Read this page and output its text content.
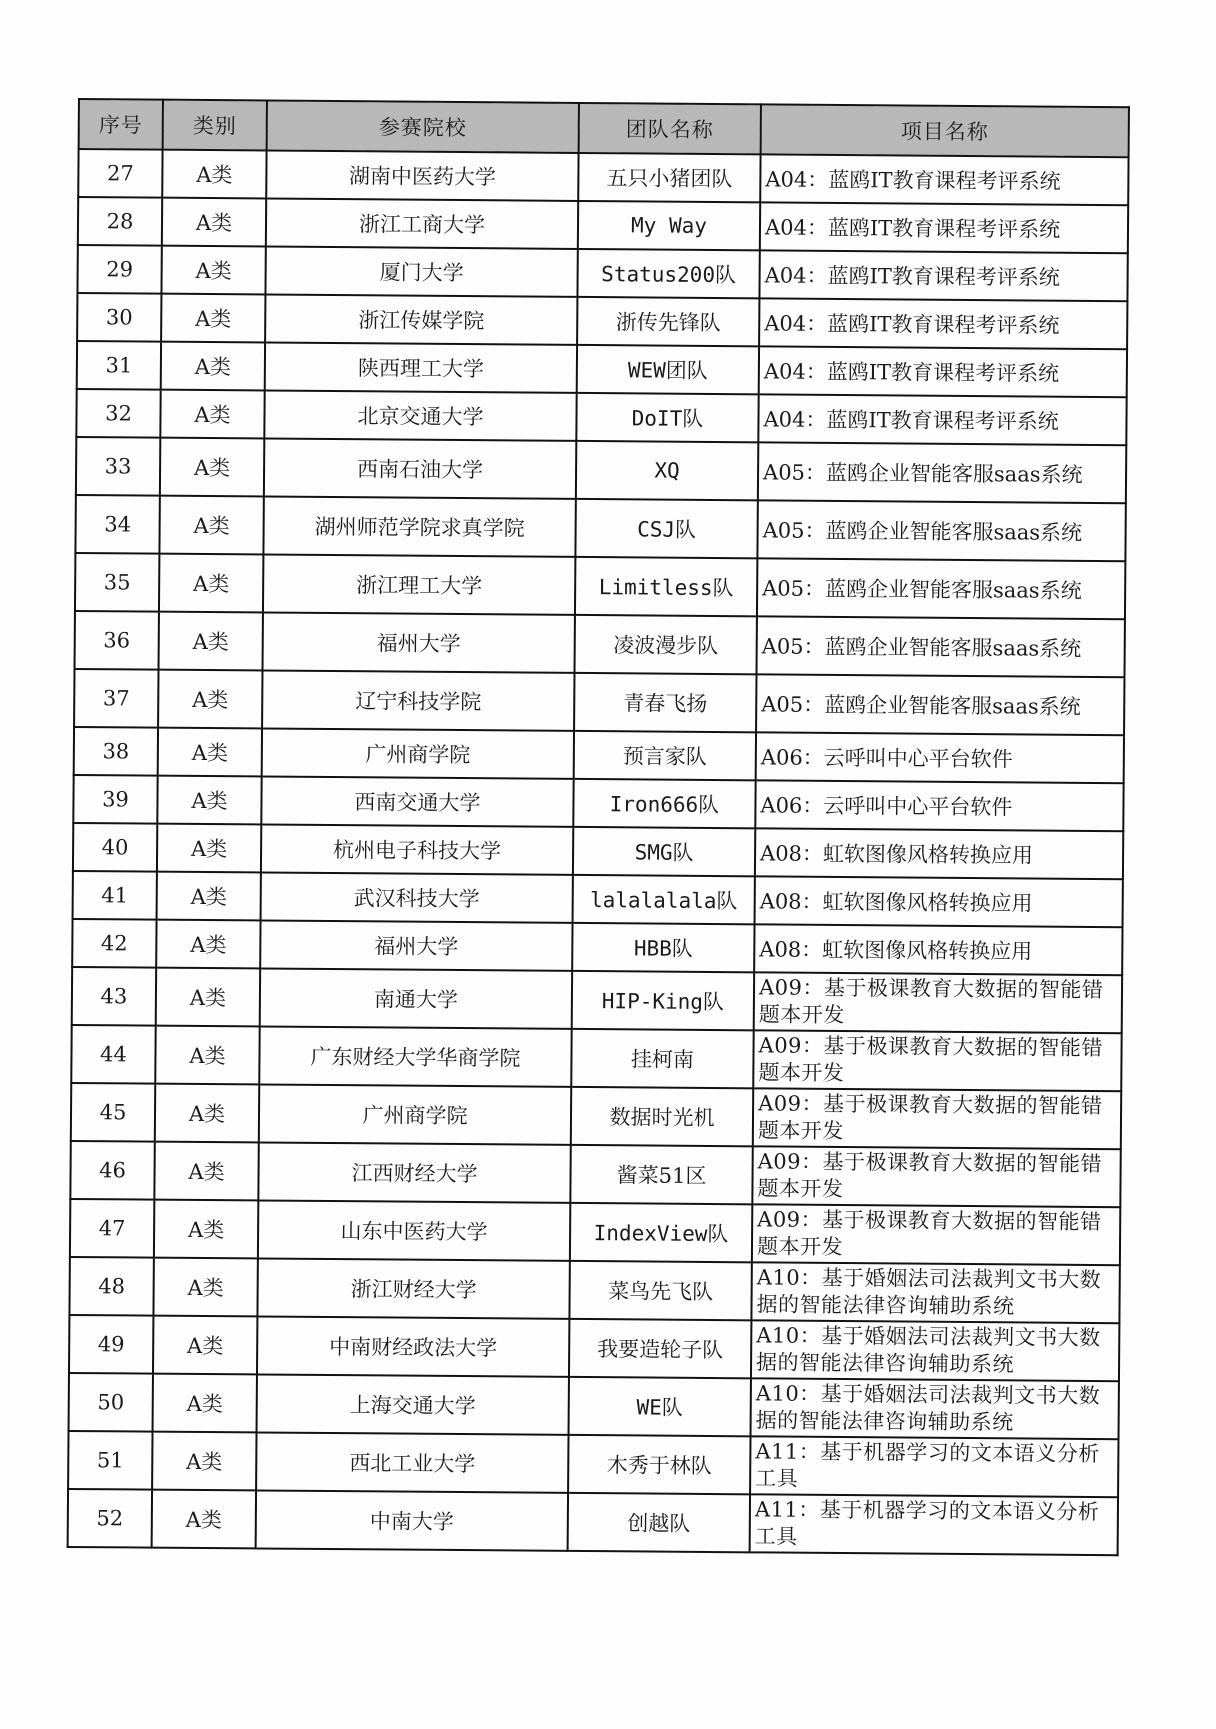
序号	类别	参赛院校	团队名称	项目名称
27	A类	湖南中医药大学	五只小猪团队	A04：蓝鸥IT教育课程考评系统
28	A类	浙江工商大学	My Way	A04：蓝鸥IT教育课程考评系统
29	A类	厦门大学	Status200队	A04：蓝鸥IT教育课程考评系统
30	A类	浙江传媒学院	浙传先锋队	A04：蓝鸥IT教育课程考评系统
31	A类	陕西理工大学	WEW团队	A04：蓝鸥IT教育课程考评系统
32	A类	北京交通大学	DoIT队	A04：蓝鸥IT教育课程考评系统
33	A类	西南石油大学	XQ	A05：蓝鸥企业智能客服saas系统
34	A类	湖州师范学院求真学院	CSJ队	A05：蓝鸥企业智能客服saas系统
35	A类	浙江理工大学	Limitless队	A05：蓝鸥企业智能客服saas系统
36	A类	福州大学	凌波漫步队	A05：蓝鸥企业智能客服saas系统
37	A类	辽宁科技学院	青春飞扬	A05：蓝鸥企业智能客服saas系统
38	A类	广州商学院	预言家队	A06：云呼叫中心平台软件
39	A类	西南交通大学	Iron666队	A06：云呼叫中心平台软件
40	A类	杭州电子科技大学	SMG队	A08：虹软图像风格转换应用
41	A类	武汉科技大学	lalalalala队	A08：虹软图像风格转换应用
42	A类	福州大学	HBB队	A08：虹软图像风格转换应用
43	A类	南通大学	HIP-King队	A09：基于极课教育大数据的智能错题本开发
44	A类	广东财经大学华商学院	挂柯南	A09：基于极课教育大数据的智能错题本开发
45	A类	广州商学院	数据时光机	A09：基于极课教育大数据的智能错题本开发
46	A类	江西财经大学	酱菜51区	A09：基于极课教育大数据的智能错题本开发
47	A类	山东中医药大学	IndexView队	A09：基于极课教育大数据的智能错题本开发
48	A类	浙江财经大学	菜鸟先飞队	A10：基于婚姻法司法裁判文书大数据的智能法律咨询辅助系统
49	A类	中南财经政法大学	我要造轮子队	A10：基于婚姻法司法裁判文书大数据的智能法律咨询辅助系统
50	A类	上海交通大学	WE队	A10：基于婚姻法司法裁判文书大数据的智能法律咨询辅助系统
51	A类	西北工业大学	木秀于林队	A11：基于机器学习的文本语义分析工具
52	A类	中南大学	创越队	A11：基于机器学习的文本语义分析工具
